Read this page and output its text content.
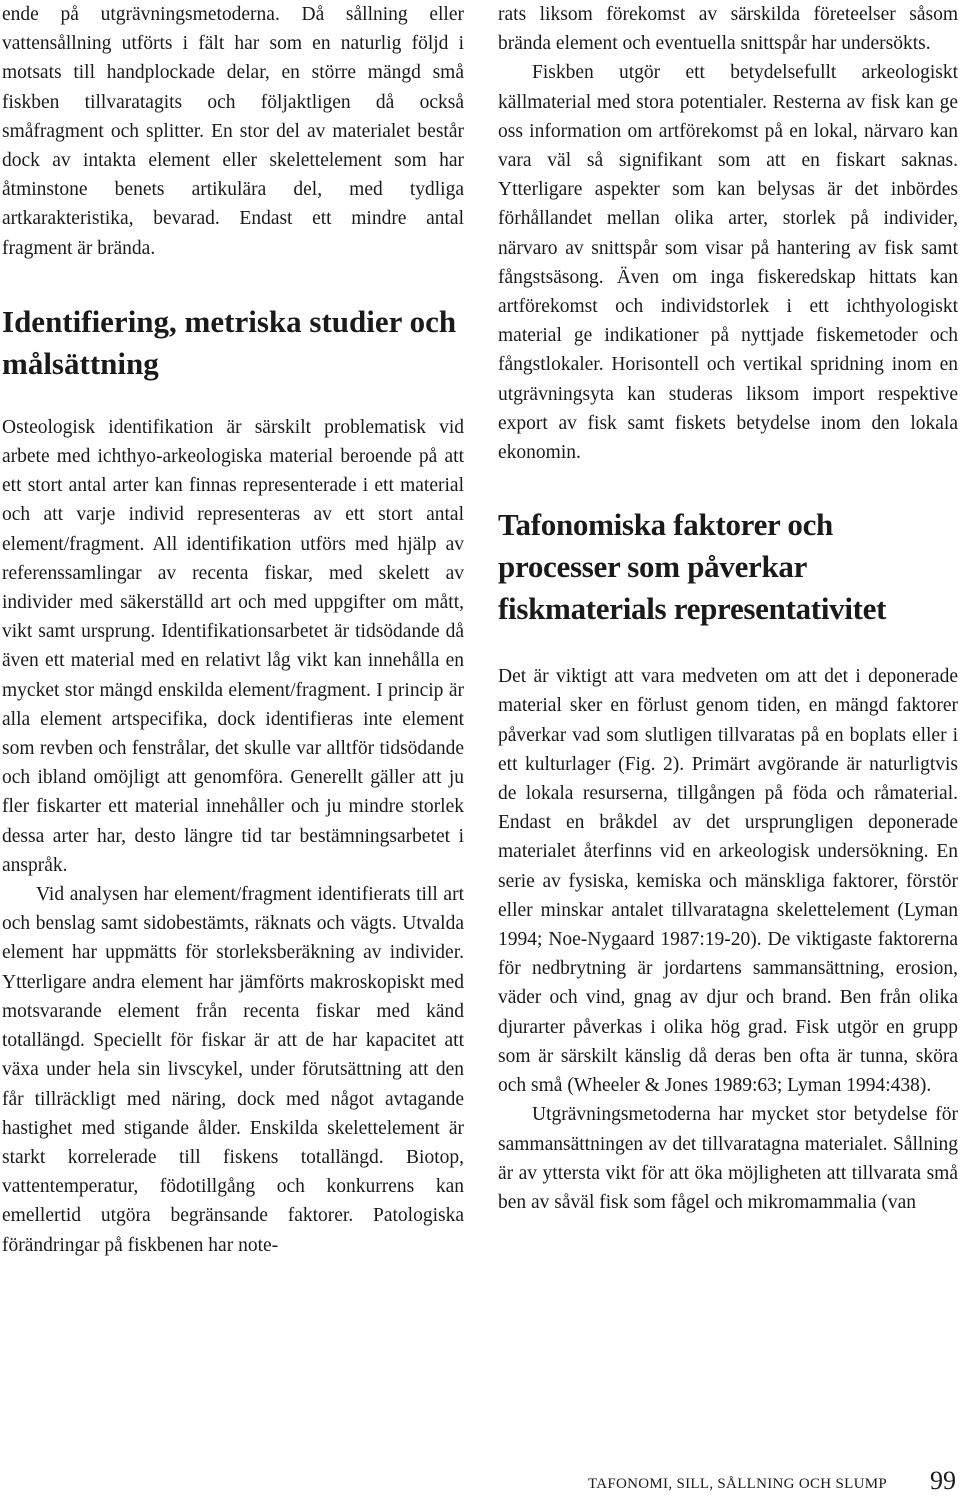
ende på utgrävningsmetoderna. Då sållning eller vattensållning utförts i fält har som en naturlig följd i motsats till handplockade delar, en större mängd små fiskben tillvaratagits och följaktligen då också småfragment och splitter. En stor del av materialet består dock av intakta element eller skelettelement som har åtminstone benets artikulära del, med tydliga artkarakteristika, bevarad. Endast ett mindre antal fragment är brända.

Identifiering, metriska studier och målsättning

Osteologisk identifikation är särskilt problematisk vid arbete med ichthyo-arkeologiska material beroende på att ett stort antal arter kan finnas representerade i ett material och att varje individ representeras av ett stort antal element/fragment. All identifikation utförs med hjälp av referenssamlingar av recenta fiskar, med skelett av individer med säkerställd art och med uppgifter om mått, vikt samt ursprung. Identifikationsarbetet är tidsödande då även ett material med en relativt låg vikt kan innehålla en mycket stor mängd enskilda element/fragment. I princip är alla element artspecifika, dock identifieras inte element som revben och fenstrålar, det skulle var alltför tidsödande och ibland omöjligt att genomföra. Generellt gäller att ju fler fiskarter ett material innehåller och ju mindre storlek dessa arter har, desto längre tid tar bestämningsarbetet i anspråk.

Vid analysen har element/fragment identifierats till art och benslag samt sidobestämts, räknats och vägts. Utvalda element har uppmätts för storleksberäkning av individer. Ytterligare andra element har jämförts makroskopiskt med motsvarande element från recenta fiskar med känd totallängd. Speciellt för fiskar är att de har kapacitet att växa under hela sin livscykel, under förutsättning att den får tillräckligt med näring, dock med något avtagande hastighet med stigande ålder. Enskilda skelettelement är starkt korrelerade till fiskens totallängd. Biotop, vattentemperatur, födotillgång och konkurrens kan emellertid utgöra begränsande faktorer. Patologiska förändringar på fiskbenen har note-

rats liksom förekomst av särskilda företeelser såsom brända element och eventuella snittspår har undersökts.

Fiskben utgör ett betydelsefullt arkeologiskt källmaterial med stora potentialer. Resterna av fisk kan ge oss information om artförekomst på en lokal, närvaro kan vara väl så signifikant som att en fiskart saknas. Ytterligare aspekter som kan belysas är det inbördes förhållandet mellan olika arter, storlek på individer, närvaro av snittspår som visar på hantering av fisk samt fångstsäsong. Även om inga fiskeredskap hittats kan artförekomst och individstorlek i ett ichthyologiskt material ge indikationer på nyttjade fiskemetoder och fångstlokaler. Horisontell och vertikal spridning inom en utgrävningsyta kan studeras liksom import respektive export av fisk samt fiskets betydelse inom den lokala ekonomin.

Tafonomiska faktorer och processer som påverkar fiskmaterials representativitet

Det är viktigt att vara medveten om att det i deponerade material sker en förlust genom tiden, en mängd faktorer påverkar vad som slutligen tillvaratas på en boplats eller i ett kulturlager (Fig. 2). Primärt avgörande är naturligtvis de lokala resurserna, tillgången på föda och råmaterial. Endast en bråkdel av det ursprungligen deponerade materialet återfinns vid en arkeologisk undersökning. En serie av fysiska, kemiska och mänskliga faktorer, förstör eller minskar antalet tillvaratagna skelettelement (Lyman 1994; Noe-Nygaard 1987:19-20). De viktigaste faktorerna för nedbrytning är jordartens sammansättning, erosion, väder och vind, gnag av djur och brand. Ben från olika djurarter påverkas i olika hög grad. Fisk utgör en grupp som är särskilt känslig då deras ben ofta är tunna, sköra och små (Wheeler & Jones 1989:63; Lyman 1994:438).

Utgrävningsmetoderna har mycket stor betydelse för sammansättningen av det tillvaratagna materialet. Sållning är av yttersta vikt för att öka möjligheten att tillvarata små ben av såväl fisk som fågel och mikromammalia (van

TAFONOMI, SILL, SÅLLNING OCH SLUMP 99
